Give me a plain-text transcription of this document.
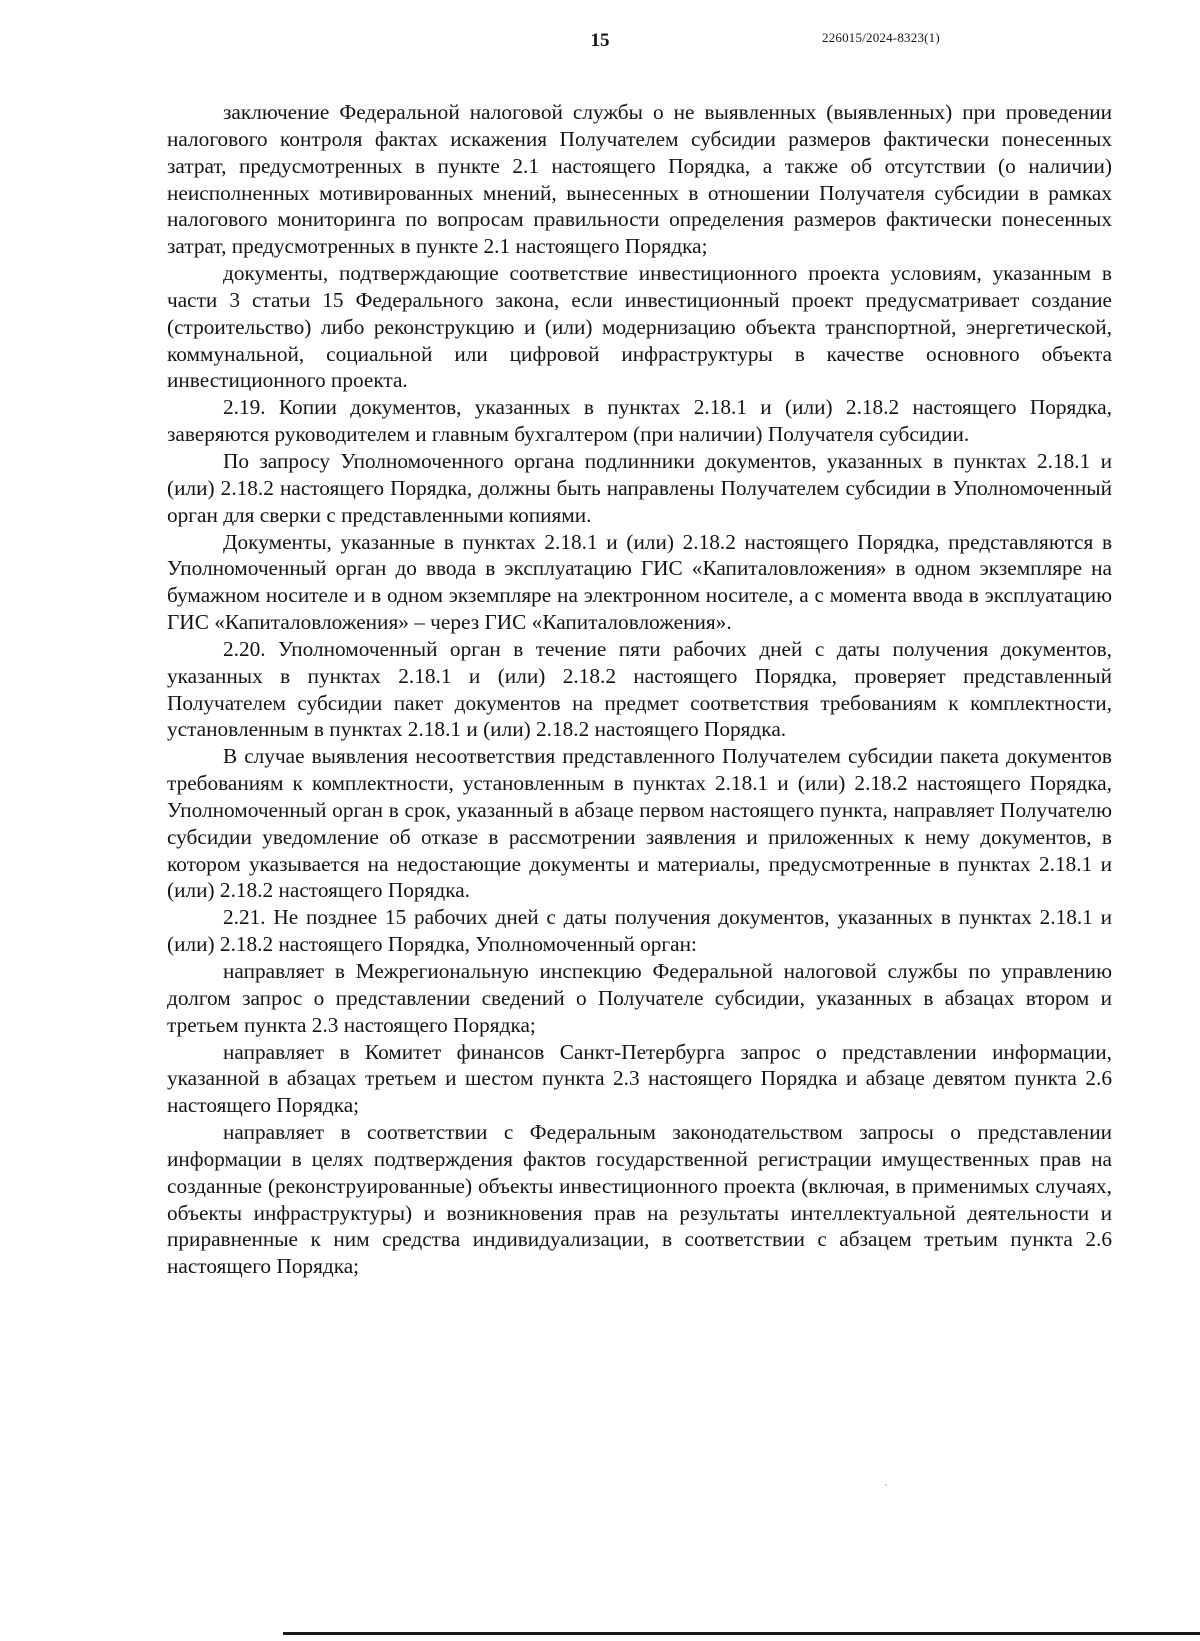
15	226015/2024-8323(1)

заключение Федеральной налоговой службы о не выявленных (выявленных) при проведении налогового контроля фактах искажения Получателем субсидии размеров фактически понесенных затрат, предусмотренных в пункте 2.1 настоящего Порядка, а также об отсутствии (о наличии) неисполненных мотивированных мнений, вынесенных в отношении Получателя субсидии в рамках налогового мониторинга по вопросам правильности определения размеров фактически понесенных затрат, предусмотренных в пункте 2.1 настоящего Порядка;

документы, подтверждающие соответствие инвестиционного проекта условиям, указанным в части 3 статьи 15 Федерального закона, если инвестиционный проект предусматривает создание (строительство) либо реконструкцию и (или) модернизацию объекта транспортной, энергетической, коммунальной, социальной или цифровой инфраструктуры в качестве основного объекта инвестиционного проекта.

2.19. Копии документов, указанных в пунктах 2.18.1 и (или) 2.18.2 настоящего Порядка, заверяются руководителем и главным бухгалтером (при наличии) Получателя субсидии.

По запросу Уполномоченного органа подлинники документов, указанных в пунктах 2.18.1 и (или) 2.18.2 настоящего Порядка, должны быть направлены Получателем субсидии в Уполномоченный орган для сверки с представленными копиями.

Документы, указанные в пунктах 2.18.1 и (или) 2.18.2 настоящего Порядка, представляются в Уполномоченный орган до ввода в эксплуатацию ГИС «Капиталовложения» в одном экземпляре на бумажном носителе и в одном экземпляре на электронном носителе, а с момента ввода в эксплуатацию ГИС «Капиталовложения» – через ГИС «Капиталовложения».

2.20. Уполномоченный орган в течение пяти рабочих дней с даты получения документов, указанных в пунктах 2.18.1 и (или) 2.18.2 настоящего Порядка, проверяет представленный Получателем субсидии пакет документов на предмет соответствия требованиям к комплектности, установленным в пунктах 2.18.1 и (или) 2.18.2 настоящего Порядка.

В случае выявления несоответствия представленного Получателем субсидии пакета документов требованиям к комплектности, установленным в пунктах 2.18.1 и (или) 2.18.2 настоящего Порядка, Уполномоченный орган в срок, указанный в абзаце первом настоящего пункта, направляет Получателю субсидии уведомление об отказе в рассмотрении заявления и приложенных к нему документов, в котором указывается на недостающие документы и материалы, предусмотренные в пунктах 2.18.1 и (или) 2.18.2 настоящего Порядка.

2.21. Не позднее 15 рабочих дней с даты получения документов, указанных в пунктах 2.18.1 и (или) 2.18.2 настоящего Порядка, Уполномоченный орган:

направляет в Межрегиональную инспекцию Федеральной налоговой службы по управлению долгом запрос о представлении сведений о Получателе субсидии, указанных в абзацах втором и третьем пункта 2.3 настоящего Порядка;

направляет в Комитет финансов Санкт-Петербурга запрос о представлении информации, указанной в абзацах третьем и шестом пункта 2.3 настоящего Порядка и абзаце девятом пункта 2.6 настоящего Порядка;

направляет в соответствии с Федеральным законодательством запросы о представлении информации в целях подтверждения фактов государственной регистрации имущественных прав на созданные (реконструированные) объекты инвестиционного проекта (включая, в применимых случаях, объекты инфраструктуры) и возникновения прав на результаты интеллектуальной деятельности и приравненные к ним средства индивидуализации, в соответствии с абзацем третьим пункта 2.6 настоящего Порядка;
